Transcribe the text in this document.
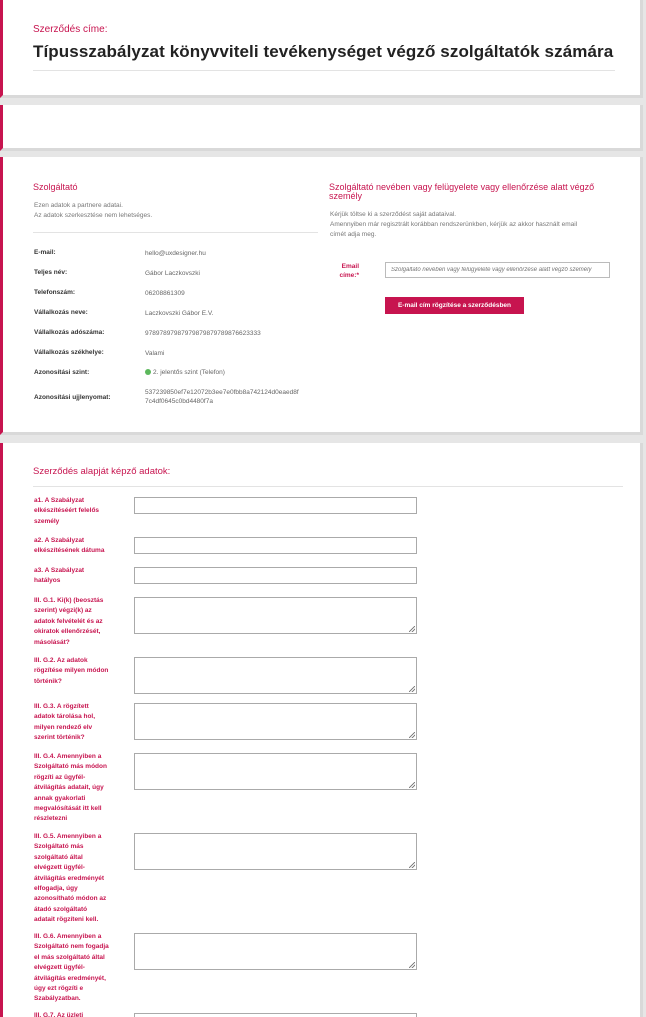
Szerződés címe:
Típusszabályzat könyvviteli tevékenységet végző szolgáltatók számára
Szolgáltató
Ezen adatok a partnere adatai.
Az adatok szerkesztése nem lehetséges.
E-mail:	hello@uxdesigner.hu
Teljes név:	Gábor Laczkovszki
Telefonszám:	06208861309
Vállalkozás neve:	Laczkovszki Gábor E.V.
Vállalkozás adószáma:	97897897987979879879789876623333
Vállalkozás székhelye:	Valami
Azonosítási szint:	2. jelentős szint (Telefon)
Azonosítási ujjlenyomat:
537239850ef7e12072b3ee7e0fbb8a742124d0eaed8f
7c4df0645c0bd4480f7a
Szolgáltató nevében vagy felügyelete vagy ellenőrzése alatt végző
személy
Kérjük töltse ki a szerződést saját adataival.
Amennyiben már regisztrált korábban rendszerünkben, kérjük az akkor használt email
címét adja meg.
Email
címe:*
Szolgáltató nevében vagy felügyelete vagy ellenőrzése alatt végző személy
E-mail cím rögzítése a szerződésben
Szerződés alapját képző adatok:
a1. A Szabályzat
elkészítéséért felelős
személy
a2. A Szabályzat
elkészítésének dátuma
a3. A Szabályzat
hatályos
III. G.1. Ki(k) (beosztás
szerint) végzi(k) az
adatok felvételét és az
okiratok ellenőrzését,
másolását?
III. G.2. Az adatok
rögzítése milyen módon
történik?
III. G.3. A rögzített
adatok tárolása hol,
milyen rendező elv
szerint történik?
III. G.4. Amennyiben a
Szolgáltató más módon
rögzíti az ügyfél-
átvilágítás adatait, úgy
annak gyakorlati
megvalósítását itt kell
részletezni
III. G.5. Amennyiben a
Szolgáltató más
szolgáltató által
elvégzett ügyfél-
átvilágítás eredményét
elfogadja, úgy
azonosítható módon az
átadó szolgáltató
adatait rögzíteni kell.
III. G.6. Amennyiben a
Szolgáltató nem fogadja
el más szolgáltató által
elvégzett ügyfél-
átvilágítás eredményét,
úgy ezt rögzíti e
Szabályzatban.
III. G.7. Az üzleti
